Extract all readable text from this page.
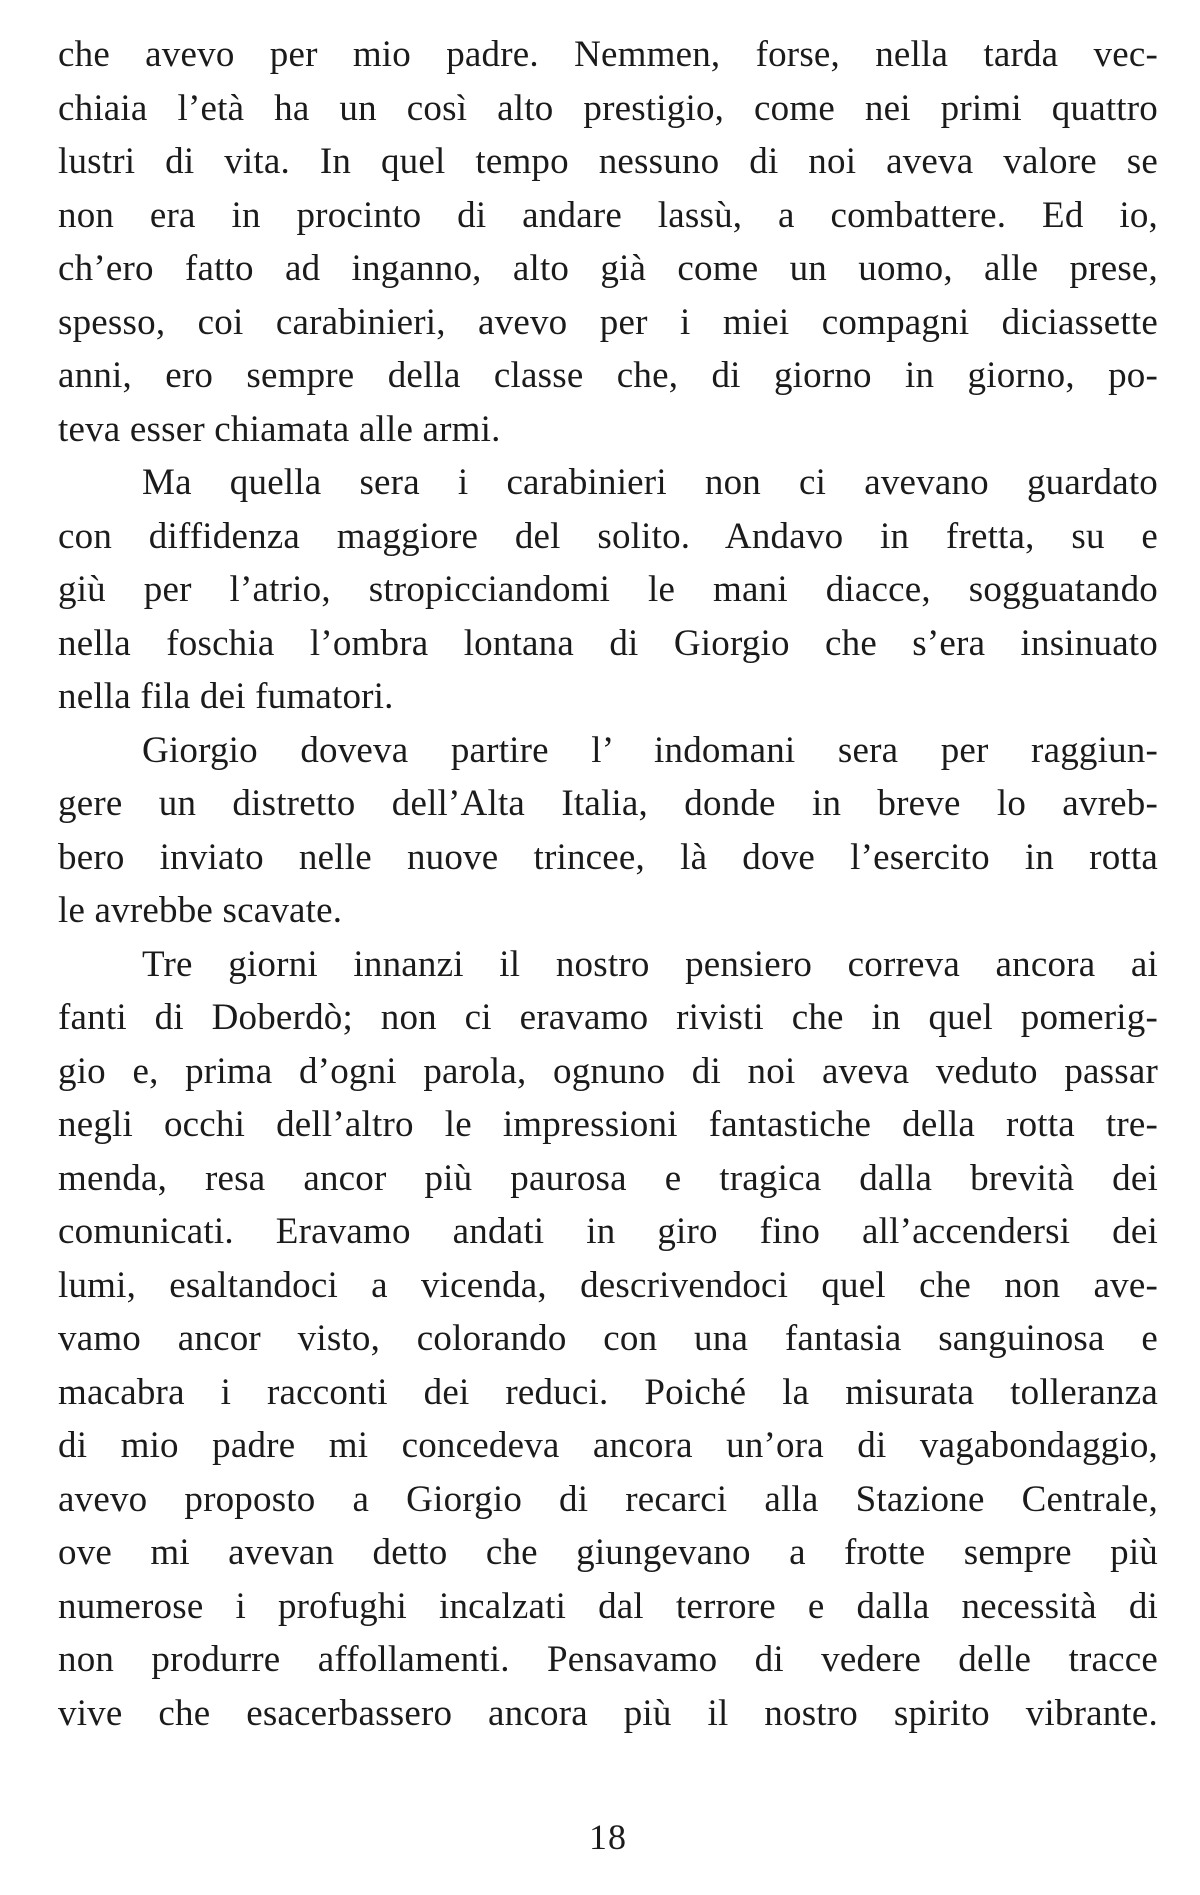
che avevo per mio padre. Nemmen, forse, nella tarda vec-
chiaia l’età ha un così alto prestigio, come nei primi quattro
lustri di vita. In quel tempo nessuno di noi aveva valore se
non era in procinto di andare lassù, a combattere. Ed io,
ch’ero fatto ad inganno, alto già come un uomo, alle prese,
spesso, coi carabinieri, avevo per i miei compagni diciassette
anni, ero sempre della classe che, di giorno in giorno, po-
teva esser chiamata alle armi.
Ma quella sera i carabinieri non ci avevano guardato
con diffidenza maggiore del solito. Andavo in fretta, su e
giù per l’atrio, stropicciandomi le mani diacce, sogguatando
nella foschia l’ombra lontana di Giorgio che s’era insinuato
nella fila dei fumatori.
Giorgio doveva partire l’ indomani sera per raggiun-
gere un distretto dell’Alta Italia, donde in breve lo avreb-
bero inviato nelle nuove trincee, là dove l’esercito in rotta
le avrebbe scavate.
Tre giorni innanzi il nostro pensiero correva ancora ai
fanti di Doberdò; non ci eravamo rivisti che in quel pomerig-
gio e, prima d’ogni parola, ognuno di noi aveva veduto passar
negli occhi dell’altro le impressioni fantastiche della rotta tre-
menda, resa ancor più paurosa e tragica dalla brevità dei
comunicati. Eravamo andati in giro fino all’accendersi dei
lumi, esaltandoci a vicenda, descrivendoci quel che non ave-
vamo ancor visto, colorando con una fantasia sanguinosa e
macabra i racconti dei reduci. Poiché la misurata tolleranza
di mio padre mi concedeva ancora un’ora di vagabondaggio,
avevo proposto a Giorgio di recarci alla Stazione Centrale,
ove mi avevan detto che giungevano a frotte sempre più
numerose i profughi incalzati dal terrore e dalla necessità di
non produrre affollamenti. Pensavamo di vedere delle tracce
vive che esacerbassero ancora più il nostro spirito vibrante.
18
